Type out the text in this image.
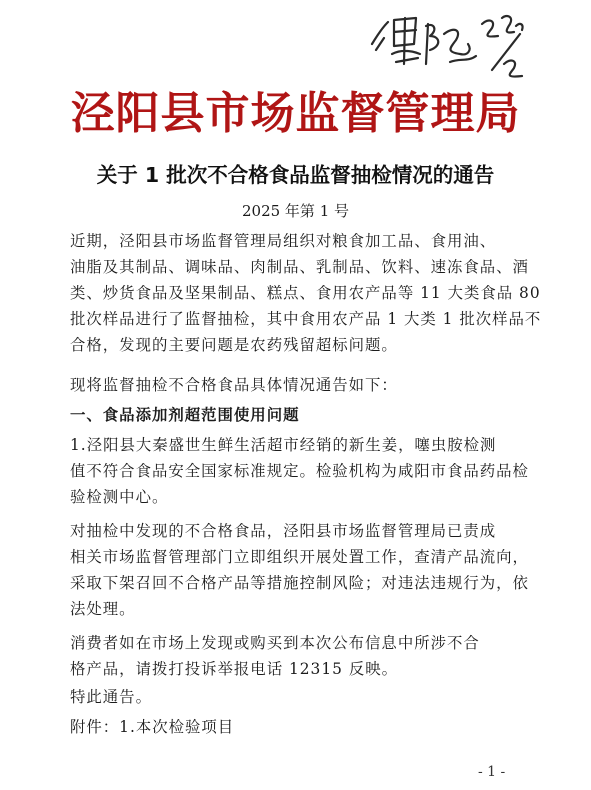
泾阳县市场监督管理局
关于 1 批次不合格食品监督抽检情况的通告

2025 年第 1 号

近期，泾阳县市场监督管理局组织对粮食加工品、食用油、
油脂及其制品、调味品、肉制品、乳制品、饮料、速冻食品、酒
类、炒货食品及坚果制品、糕点、食用农产品等 11 大类食品 80
批次样品进行了监督抽检，其中食用农产品 1 大类 1 批次样品不
合格，发现的主要问题是农药残留超标问题。

现将监督抽检不合格食品具体情况通告如下：

一、食品添加剂超范围使用问题

1.泾阳县大秦盛世生鲜生活超市经销的新生姜，噻虫胺检测
值不符合食品安全国家标准规定。检验机构为咸阳市食品药品检
验检测中心。

对抽检中发现的不合格食品，泾阳县市场监督管理局已责成
相关市场监督管理部门立即组织开展处置工作，查清产品流向，
采取下架召回不合格产品等措施控制风险；对违法违规行为，依
法处理。

消费者如在市场上发现或购买到本次公布信息中所涉不合
格产品，请拨打投诉举报电话 12315 反映。

特此通告。

附件：1.本次检验项目

- 1 -
